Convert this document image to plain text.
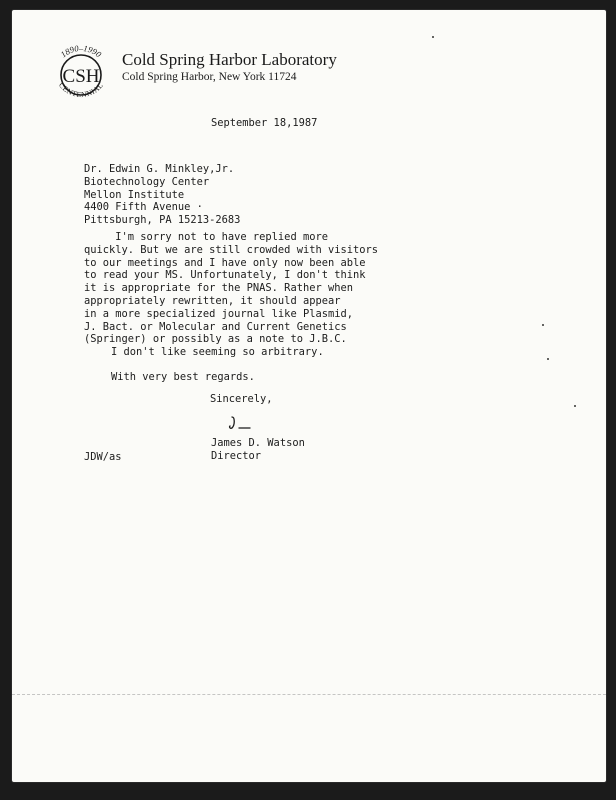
CSH
1890–1990
CENTENNIAL
Cold Spring Harbor Laboratory
Cold Spring Harbor, New York 11724
September 18,1987
Dr. Edwin G. Minkley,Jr.
Biotechnology Center
Mellon Institute
4400 Fifth Avenue ·
Pittsburgh, PA 15213-2683
I'm sorry not to have replied more
quickly. But we are still crowded with visitors
to our meetings and I have only now been able
to read your MS. Unfortunately, I don't think
it is appropriate for the PNAS. Rather when
appropriately rewritten, it should appear
in a more specialized journal like Plasmid,
J. Bact. or Molecular and Current Genetics
(Springer) or possibly as a note to J.B.C.
I don't like seeming so arbitrary.
With very best regards.
Sincerely,
James D. Watson
Director
JDW/as
